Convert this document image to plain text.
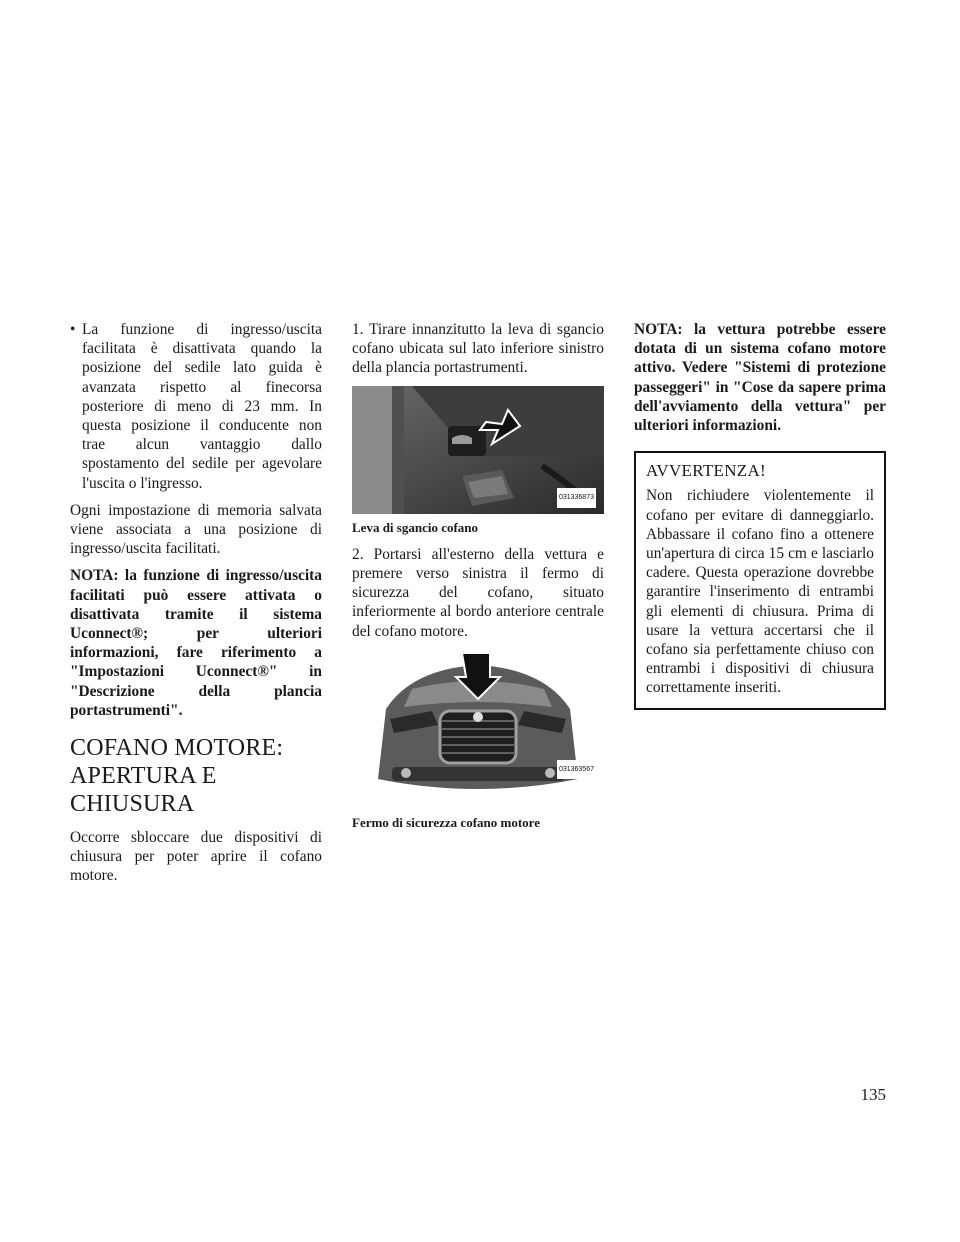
• La funzione di ingresso/uscita facilitata è disattivata quando la posizione del sedile lato guida è avanzata rispetto al finecorsa posteriore di meno di 23 mm. In questa posizione il conducente non trae alcun vantaggio dallo spostamento del sedile per agevolare l'uscita o l'ingresso.

Ogni impostazione di memoria salvata viene associata a una posizione di ingresso/uscita facilitati.

NOTA: la funzione di ingresso/uscita facilitati può essere attivata o disattivata tramite il sistema Uconnect®; per ulteriori informazioni, fare riferimento a "Impostazioni Uconnect®" in "Descrizione della plancia portastrumenti".

COFANO MOTORE:
APERTURA E CHIUSURA

Occorre sbloccare due dispositivi di chiusura per poter aprire il cofano motore.

1. Tirare innanzitutto la leva di sgancio cofano ubicata sul lato inferiore sinistro della plancia portastrumenti.

031336873

Leva di sgancio cofano

2. Portarsi all'esterno della vettura e premere verso sinistra il fermo di sicurezza del cofano, situato inferiormente al bordo anteriore centrale del cofano motore.

031363567

Fermo di sicurezza cofano motore

NOTA: la vettura potrebbe essere dotata di un sistema cofano motore attivo. Vedere "Sistemi di protezione passeggeri" in "Cose da sapere prima dell'avviamento della vettura" per ulteriori informazioni.

AVVERTENZA!

Non richiudere violentemente il cofano per evitare di danneggiarlo. Abbassare il cofano fino a ottenere un'apertura di circa 15 cm e lasciarlo cadere. Questa operazione dovrebbe garantire l'inserimento di entrambi gli elementi di chiusura. Prima di usare la vettura accertarsi che il cofano sia perfettamente chiuso con entrambi i dispositivi di chiusura correttamente inseriti.

135
